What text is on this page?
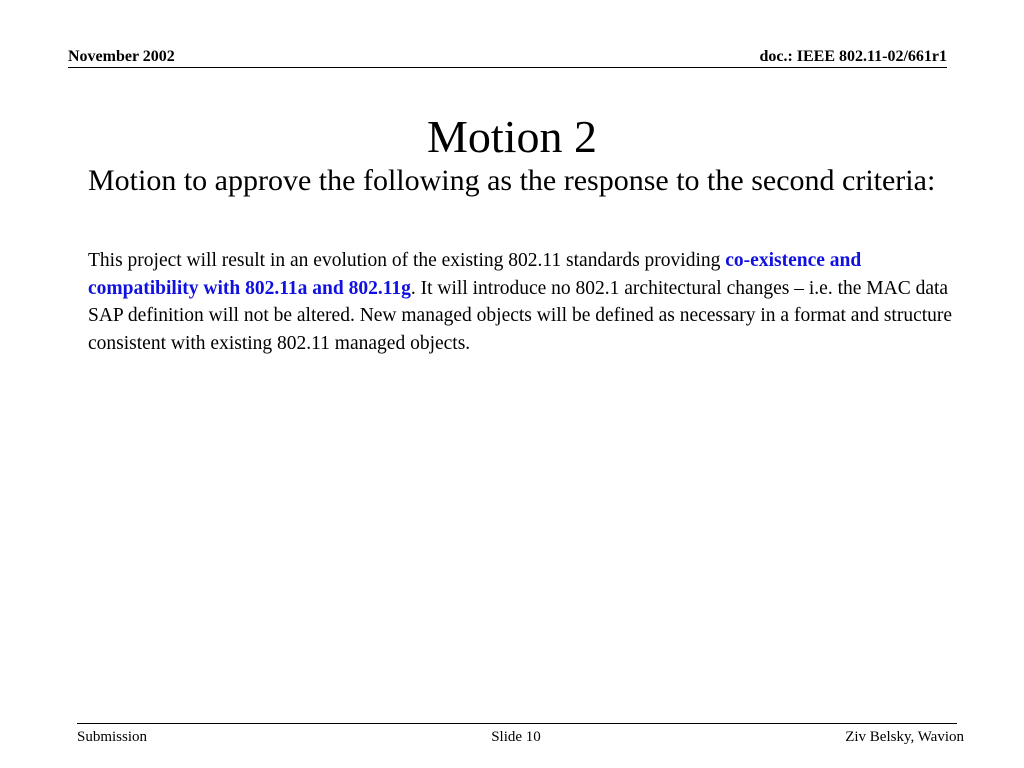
November 2002	doc.: IEEE 802.11-02/661r1
Motion 2
Motion to approve the following as the response to the second criteria:
This project will result in an evolution of the existing 802.11 standards providing co-existence and compatibility with 802.11a and 802.11g. It will introduce no 802.1 architectural changes – i.e. the MAC data SAP definition will not be altered. New managed objects will be defined as necessary in a format and structure consistent with existing 802.11 managed objects.
Submission	Slide 10	Ziv Belsky, Wavion
